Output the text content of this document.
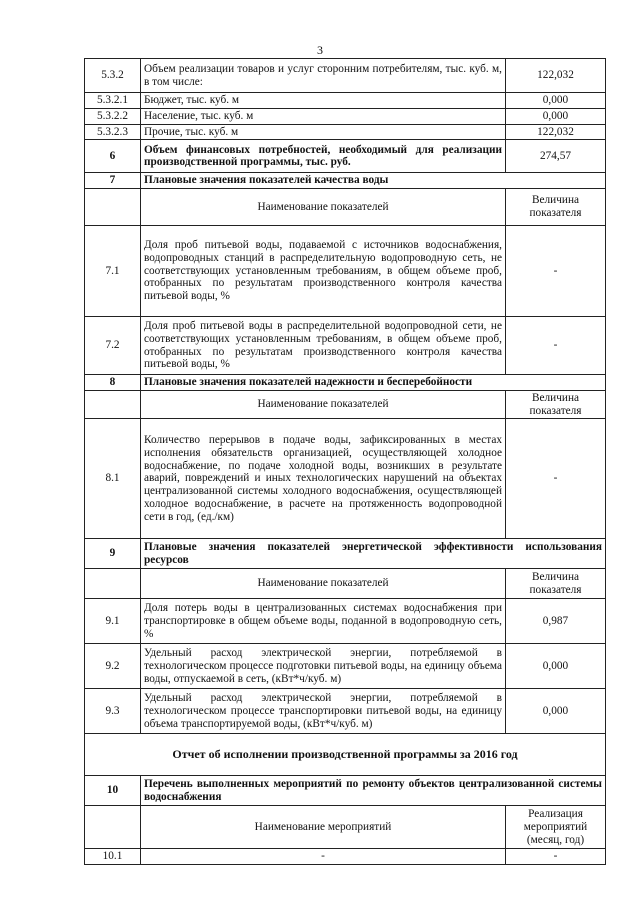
3
5.3.2	Объем реализации товаров и услуг сторонним потребителям, тыс. куб. м, в том числе:	122,032
5.3.2.1	Бюджет, тыс. куб. м	0,000
5.3.2.2	Население, тыс. куб. м	0,000
5.3.2.3	Прочие, тыс. куб. м	122,032
6	Объем финансовых потребностей, необходимый для реализации производственной программы, тыс. руб.	274,57
7	Плановые значения показателей качества воды	
	Наименование показателей	Величина показателя
7.1	Доля проб питьевой воды, подаваемой с источников водоснабжения, водопроводных станций в распределительную водопроводную сеть, не соответствующих установленным требованиям, в общем объеме проб, отобранных по результатам производственного контроля качества питьевой воды, %	-
7.2	Доля проб питьевой воды в распределительной водопроводной сети, не соответствующих установленным требованиям, в общем объеме проб, отобранных по результатам производственного контроля качества питьевой воды, %	-
8	Плановые значения показателей надежности и бесперебойности	
	Наименование показателей	Величина показателя
8.1	Количество перерывов в подаче воды, зафиксированных в местах исполнения обязательств организацией, осуществляющей холодное водоснабжение, по подаче холодной воды, возникших в результате аварий, повреждений и иных технологических нарушений на объектах централизованной системы холодного водоснабжения, осуществляющей холодное водоснабжение, в расчете на протяженность водопроводной сети в год, (ед./км)	-
9	Плановые значения показателей энергетической эффективности использования ресурсов	
	Наименование показателей	Величина показателя
9.1	Доля потерь воды в централизованных системах водоснабжения при транспортировке в общем объеме воды, поданной в водопроводную сеть, %	0,987
9.2	Удельный расход электрической энергии, потребляемой в технологическом процессе подготовки питьевой воды, на единицу объема воды, отпускаемой в сеть, (кВт*ч/куб. м)	0,000
9.3	Удельный расход электрической энергии, потребляемой в технологическом процессе транспортировки питьевой воды, на единицу объема транспортируемой воды, (кВт*ч/куб. м)	0,000
Отчет об исполнении производственной программы за 2016 год		
10	Перечень выполненных мероприятий по ремонту объектов централизованной системы водоснабжения	
	Наименование мероприятий	Реализация мероприятий (месяц, год)
10.1	-	-
